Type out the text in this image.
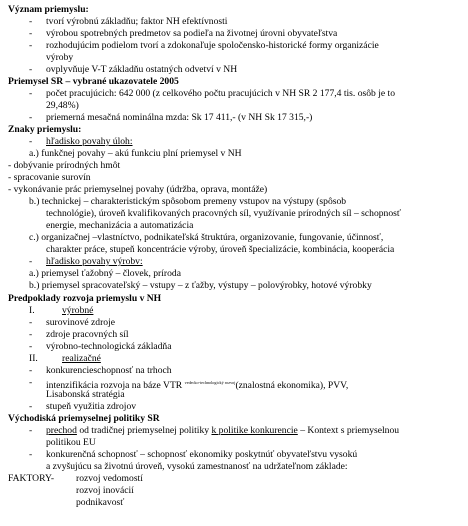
Význam priemyslu:
- tvorí výrobnú základňu; faktor NH efektívnosti
- výrobou spotrebných predmetov sa podieľa na životnej úrovni obyvateľstva
- rozhodujúcim podielom tvorí a zdokonaľuje spoločensko-historické formy organizácie
výroby
- ovplyvňuje V-T základňu ostatných odvetví v NH
Priemysel SR – vybrané ukazovatele 2005
- počet pracujúcich: 642 000 (z celkového počtu pracujúcich v NH SR 2 177,4 tis. osôb je to
29,48%)
- priemerná mesačná nominálna mzda: Sk 17 411,- (v NH Sk 17 315,-)
Znaky priemyslu:
- hľadisko povahy úloh:
a.) funkčnej povahy – akú funkciu plní priemysel v NH
- dobývanie prírodných hmôt
- spracovanie surovín
- vykonávanie prác priemyselnej povahy (údržba, oprava, montáže)
b.) technickej – charakteristickým spôsobom premeny vstupov na výstupy (spôsob
technológie), úroveň kvalifikovaných pracovných síl, využívanie prírodných síl – schopnosť
energie, mechanizácia a automatizácia
c.) organizačnej –vlastníctvo, podnikateľská štruktúra, organizovanie, fungovanie, účinnosť,
charakter práce, stupeň koncentrácie výroby, úroveň špecializácie, kombinácia, kooperácia
- hľadisko povahy výrobv:
a.) priemysel ťažobný – človek, príroda
b.) priemysel spracovateľský – vstupy – z ťažby, výstupy – polovýrobky, hotové výrobky
Predpoklady rozvoja priemyslu v NH
I.	výrobné
- surovinové zdroje
- zdroje pracovných síl
- výrobno-technologická základňa
II.	realizačné
- konkurencieschopnosť na trhoch
- intenzifikácia rozvoja na báze VTR $^{vedecko-technologický rozvoj}$(znalostná ekonomika), PVV,
Lisabonská stratégia
- stupeň využitia zdrojov
Východiská priemyselnej politiky SR
- prechod od tradičnej priemyselnej politiky k politike konkurencie – Kontext s priemyselnou
politikou EU
- konkurenčná schopnosť – schopnosť ekonomiky poskytnúť obyvateľstvu vysokú
a zvyšujúcu sa životnú úroveň, vysokú zamestnanosť na udržateľnom základe:
FAKTORY- rozvoj vedomostí
rozvoj inovácií
podnikavosť
